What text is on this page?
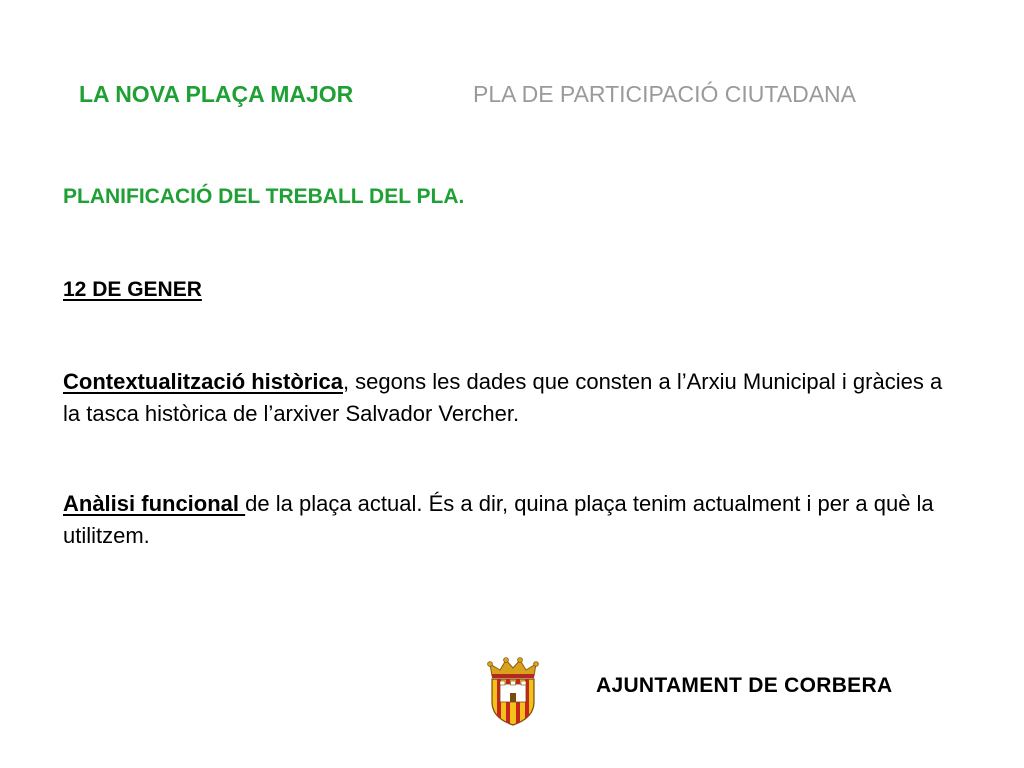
LA NOVA PLAÇA MAJOR	PLA DE PARTICIPACIÓ CIUTADANA
PLANIFICACIÓ DEL TREBALL DEL PLA.
12 DE GENER
Contextualització històrica, segons les dades que consten a l’Arxiu Municipal i gràcies a la tasca històrica de l’arxiver Salvador Vercher.
Anàlisi funcional de la plaça actual. És a dir, quina plaça tenim actualment i per a què la utilitzem.
AJUNTAMENT DE CORBERA
